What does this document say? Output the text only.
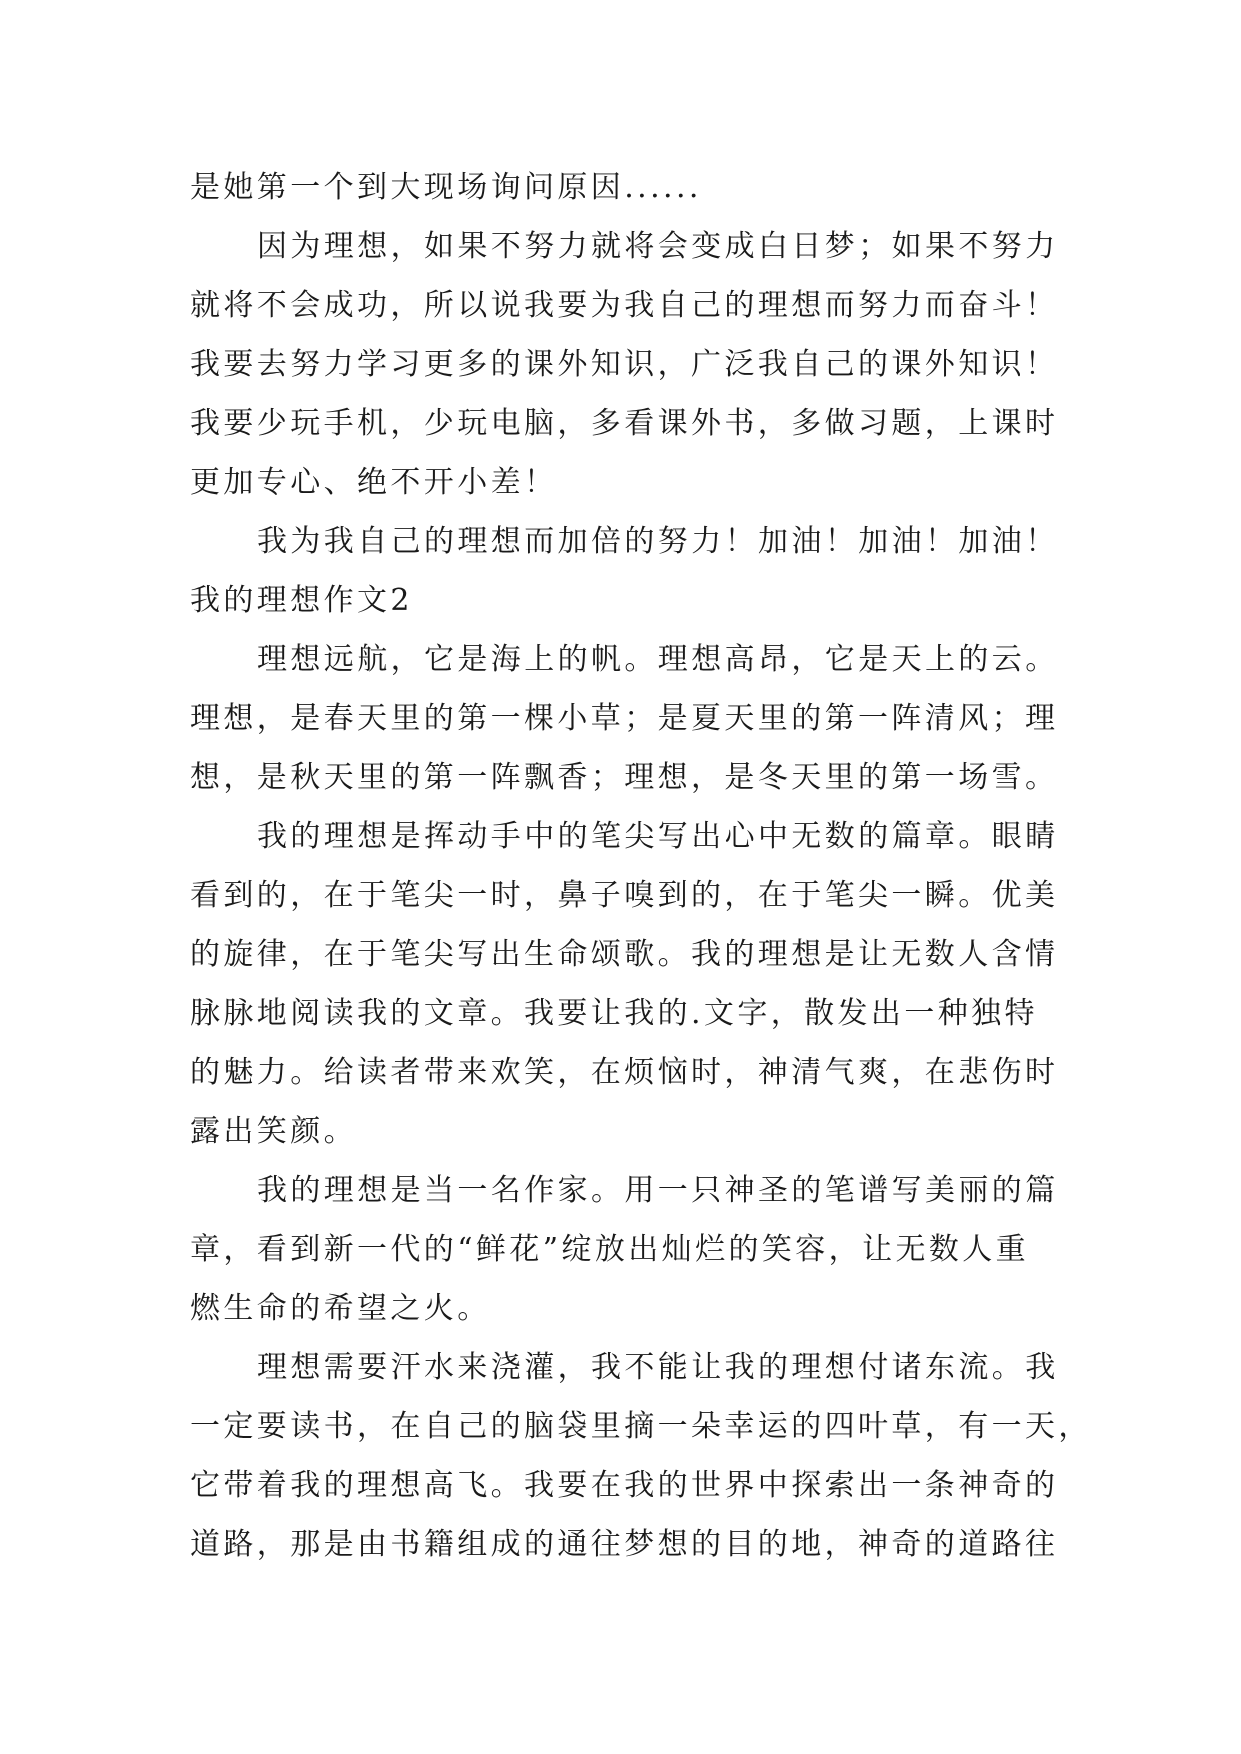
是她第一个到大现场询问原因......
因为理想，如果不努力就将会变成白日梦；如果不努力
就将不会成功，所以说我要为我自己的理想而努力而奋斗！
我要去努力学习更多的课外知识，广泛我自己的课外知识！
我要少玩手机，少玩电脑，多看课外书，多做习题，上课时
更加专心、绝不开小差！
我为我自己的理想而加倍的努力！加油！加油！加油！
我的理想作文2
理想远航，它是海上的帆。理想高昂，它是天上的云。
理想，是春天里的第一棵小草；是夏天里的第一阵清风；理
想，是秋天里的第一阵飘香；理想，是冬天里的第一场雪。
我的理想是挥动手中的笔尖写出心中无数的篇章。眼睛
看到的，在于笔尖一时，鼻子嗅到的，在于笔尖一瞬。优美
的旋律，在于笔尖写出生命颂歌。我的理想是让无数人含情
脉脉地阅读我的文章。我要让我的.文字，散发出一种独特
的魅力。给读者带来欢笑，在烦恼时，神清气爽，在悲伤时
露出笑颜。
我的理想是当一名作家。用一只神圣的笔谱写美丽的篇
章，看到新一代的“鲜花”绽放出灿烂的笑容，让无数人重
燃生命的希望之火。
理想需要汗水来浇灌，我不能让我的理想付诸东流。我
一定要读书，在自己的脑袋里摘一朵幸运的四叶草，有一天，
它带着我的理想高飞。我要在我的世界中探索出一条神奇的
道路，那是由书籍组成的通往梦想的目的地，神奇的道路往
